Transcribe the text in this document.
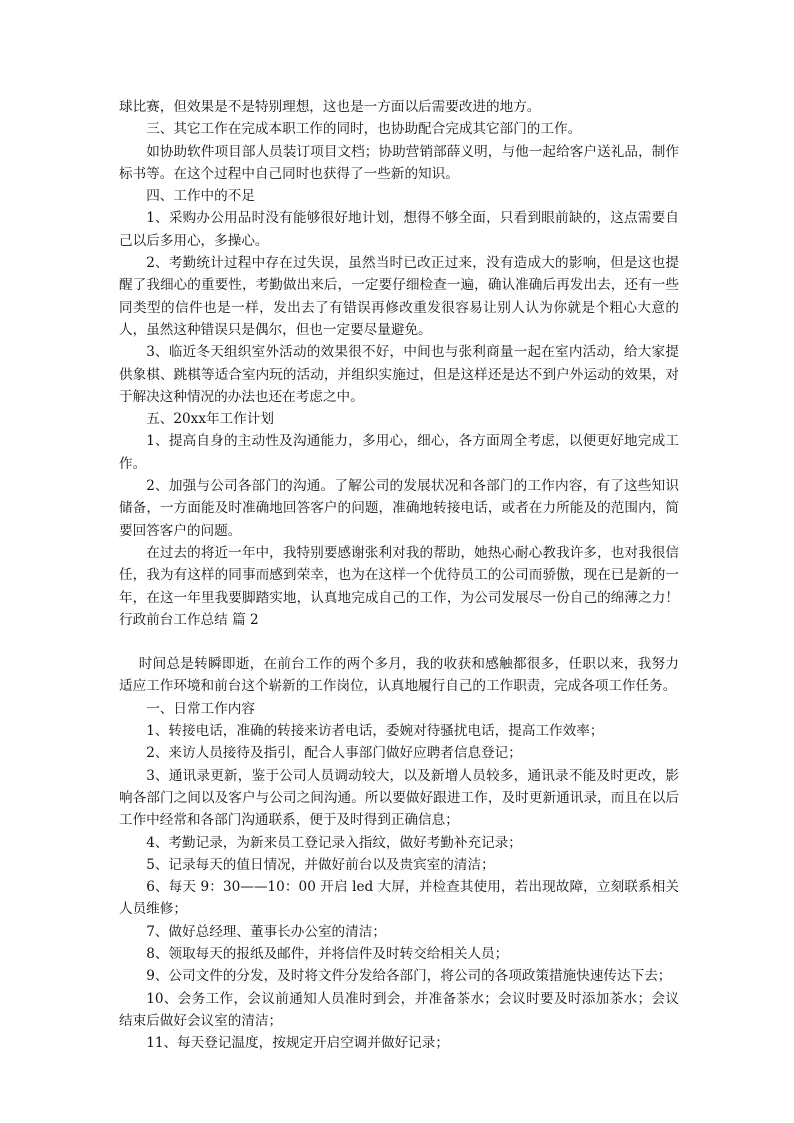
球比赛，但效果是不是特别理想，这也是一方面以后需要改进的地方。

三、其它工作在完成本职工作的同时，也协助配合完成其它部门的工作。

如协助软件项目部人员装订项目文档；协助营销部薛义明，与他一起给客户送礼品，制作标书等。在这个过程中自己同时也获得了一些新的知识。

四、工作中的不足

1、采购办公用品时没有能够很好地计划，想得不够全面，只看到眼前缺的，这点需要自己以后多用心，多操心。

2、考勤统计过程中存在过失误，虽然当时已改正过来，没有造成大的影响，但是这也提醒了我细心的重要性，考勤做出来后，一定要仔细检查一遍，确认准确后再发出去，还有一些同类型的信件也是一样，发出去了有错误再修改重发很容易让别人认为你就是个粗心大意的人，虽然这种错误只是偶尔，但也一定要尽量避免。

3、临近冬天组织室外活动的效果很不好，中间也与张利商量一起在室内活动，给大家提供象棋、跳棋等适合室内玩的活动，并组织实施过，但是这样还是达不到户外运动的效果，对于解决这种情况的办法也还在考虑之中。

五、20xx年工作计划

1、提高自身的主动性及沟通能力，多用心，细心，各方面周全考虑，以便更好地完成工作。

2、加强与公司各部门的沟通。了解公司的发展状况和各部门的工作内容，有了这些知识储备，一方面能及时准确地回答客户的问题，准确地转接电话，或者在力所能及的范围内，简要回答客户的问题。

在过去的将近一年中，我特别要感谢张利对我的帮助，她热心耐心教我许多，也对我很信任，我为有这样的同事而感到荣幸，也为在这样一个优待员工的公司而骄傲，现在已是新的一年，在这一年里我要脚踏实地，认真地完成自己的工作，为公司发展尽一份自己的绵薄之力！行政前台工作总结 篇 2

时间总是转瞬即逝，在前台工作的两个多月，我的收获和感触都很多，任职以来，我努力适应工作环境和前台这个崭新的工作岗位，认真地履行自己的工作职责，完成各项工作任务。

一、日常工作内容

1、转接电话，准确的转接来访者电话，委婉对待骚扰电话，提高工作效率；

2、来访人员接待及指引，配合人事部门做好应聘者信息登记；

3、通讯录更新，鉴于公司人员调动较大，以及新增人员较多，通讯录不能及时更改，影响各部门之间以及客户与公司之间沟通。所以要做好跟进工作，及时更新通讯录，而且在以后工作中经常和各部门沟通联系，便于及时得到正确信息；

4、考勤记录，为新来员工登记录入指纹，做好考勤补充记录；

5、记录每天的值日情况，并做好前台以及贵宾室的清洁；

6、每天 9：30——10：00 开启 led 大屏，并检查其使用，若出现故障，立刻联系相关人员维修；

7、做好总经理、董事长办公室的清洁；

8、领取每天的报纸及邮件，并将信件及时转交给相关人员；

9、公司文件的分发，及时将文件分发给各部门，将公司的各项政策措施快速传达下去；

10、会务工作，会议前通知人员准时到会，并准备茶水；会议时要及时添加茶水；会议结束后做好会议室的清洁；

11、每天登记温度，按规定开启空调并做好记录；
